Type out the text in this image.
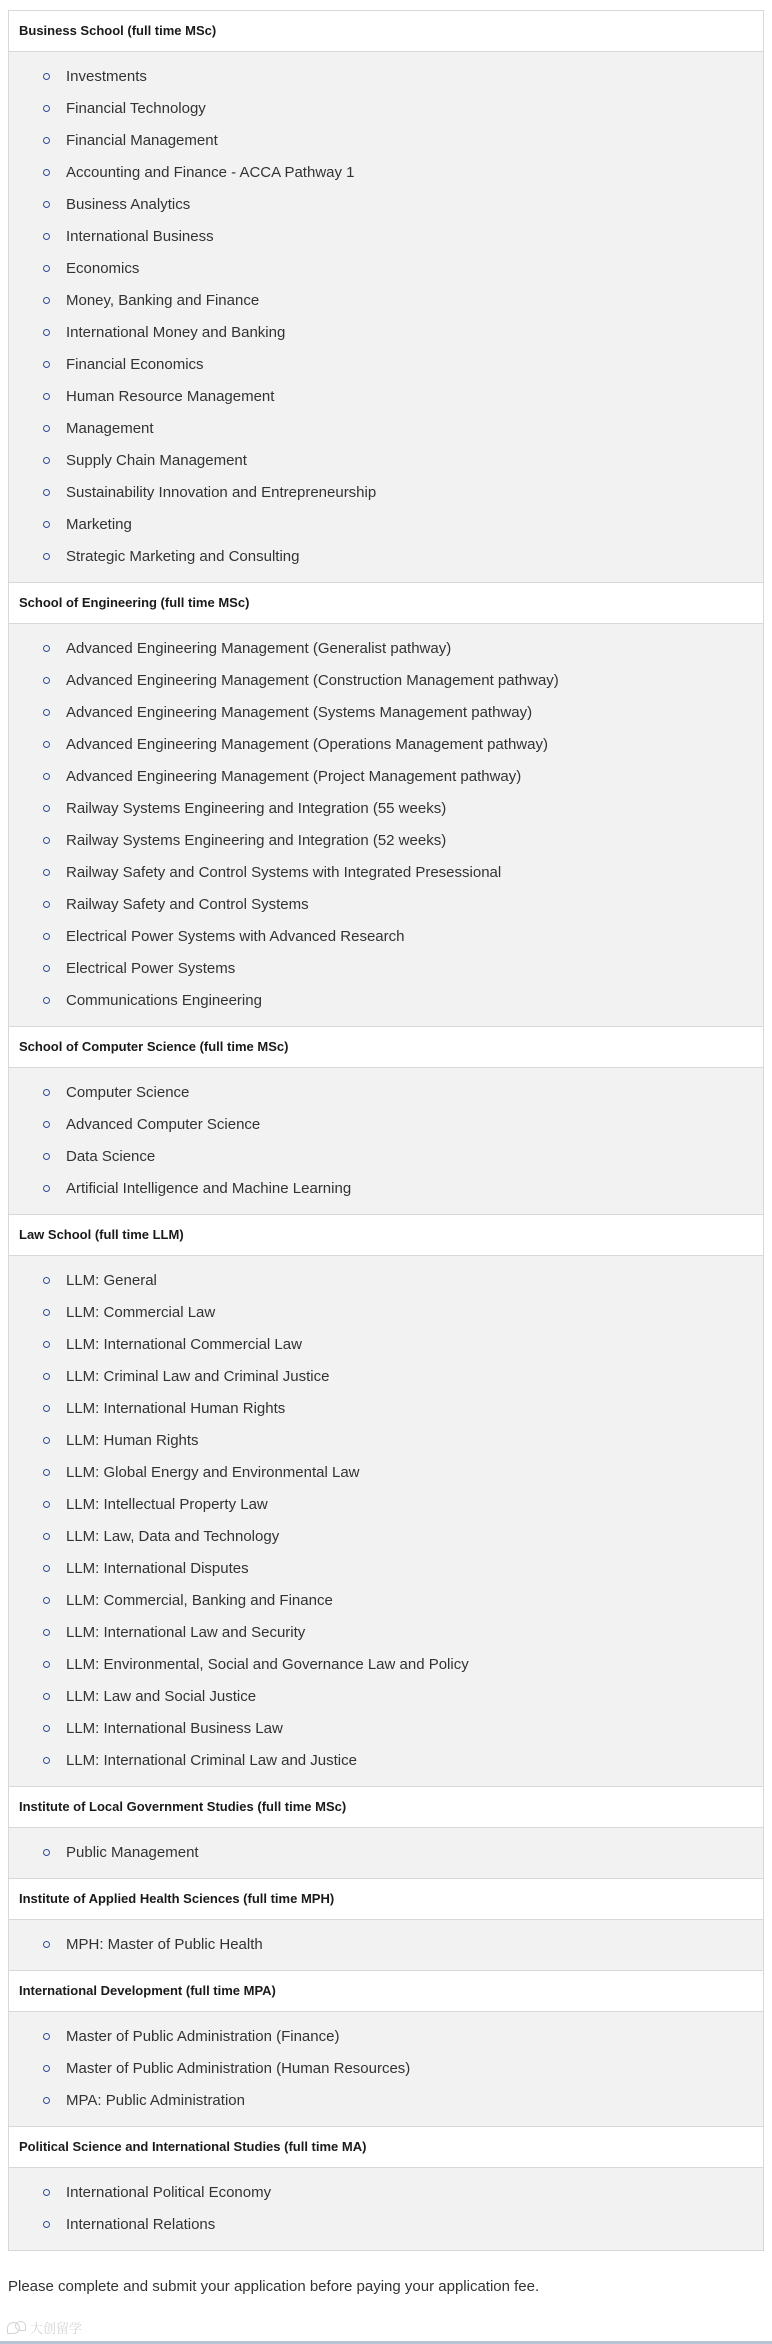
Business School (full time MSc)
Investments
Financial Technology
Financial Management
Accounting and Finance - ACCA Pathway 1
Business Analytics
International Business
Economics
Money, Banking and Finance
International Money and Banking
Financial Economics
Human Resource Management
Management
Supply Chain Management
Sustainability Innovation and Entrepreneurship
Marketing
Strategic Marketing and Consulting
School of Engineering (full time MSc)
Advanced Engineering Management (Generalist pathway)
Advanced Engineering Management (Construction Management pathway)
Advanced Engineering Management (Systems Management pathway)
Advanced Engineering Management (Operations Management pathway)
Advanced Engineering Management (Project Management pathway)
Railway Systems Engineering and Integration (55 weeks)
Railway Systems Engineering and Integration (52 weeks)
Railway Safety and Control Systems with Integrated Presessional
Railway Safety and Control Systems
Electrical Power Systems with Advanced Research
Electrical Power Systems
Communications Engineering
School of Computer Science (full time MSc)
Computer Science
Advanced Computer Science
Data Science
Artificial Intelligence and Machine Learning
Law School (full time LLM)
LLM: General
LLM: Commercial Law
LLM: International Commercial Law
LLM: Criminal Law and Criminal Justice
LLM: International Human Rights
LLM: Human Rights
LLM: Global Energy and Environmental Law
LLM: Intellectual Property Law
LLM: Law, Data and Technology
LLM: International Disputes
LLM: Commercial, Banking and Finance
LLM: International Law and Security
LLM: Environmental, Social and Governance Law and Policy
LLM: Law and Social Justice
LLM: International Business Law
LLM: International Criminal Law and Justice
Institute of Local Government Studies (full time MSc)
Public Management
Institute of Applied Health Sciences (full time MPH)
MPH: Master of Public Health
International Development (full time MPA)
Master of Public Administration (Finance)
Master of Public Administration (Human Resources)
MPA: Public Administration
Political Science and International Studies (full time MA)
International Political Economy
International Relations
Please complete and submit your application before paying your application fee.
大创留学
